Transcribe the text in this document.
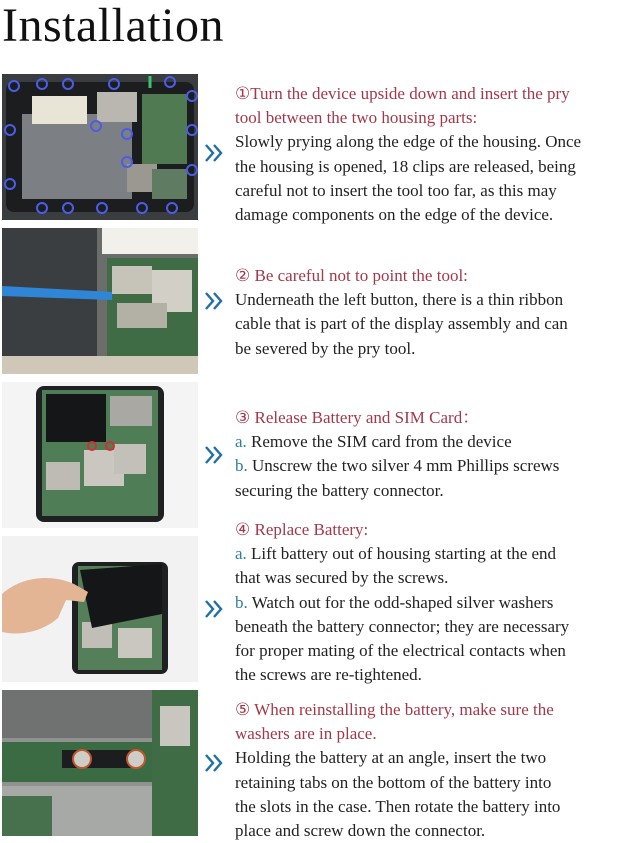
Installation
①Turn the device upside down and insert the pry
tool between the two housing parts:
Slowly prying along the edge of the housing. Once
the housing is opened, 18 clips are released, being
careful not to insert the tool too far, as this may
damage components on the edge of the device.
② Be careful not to point the tool:
Underneath the left button, there is a thin ribbon
cable that is part of the display assembly and can
be severed by the pry tool.
③ Release Battery and SIM Card：
a. Remove the SIM card from the device
b. Unscrew the two silver 4 mm Phillips screws
securing the battery connector.
④ Replace Battery:
a. Lift battery out of housing starting at the end
that was secured by the screws.
b. Watch out for the odd-shaped silver washers
beneath the battery connector; they are necessary
for proper mating of the electrical contacts when
the screws are re-tightened.
⑤ When reinstalling the battery, make sure the
washers are in place.
Holding the battery at an angle, insert the two
retaining tabs on the bottom of the battery into
the slots in the case. Then rotate the battery into
place and screw down the connector.
